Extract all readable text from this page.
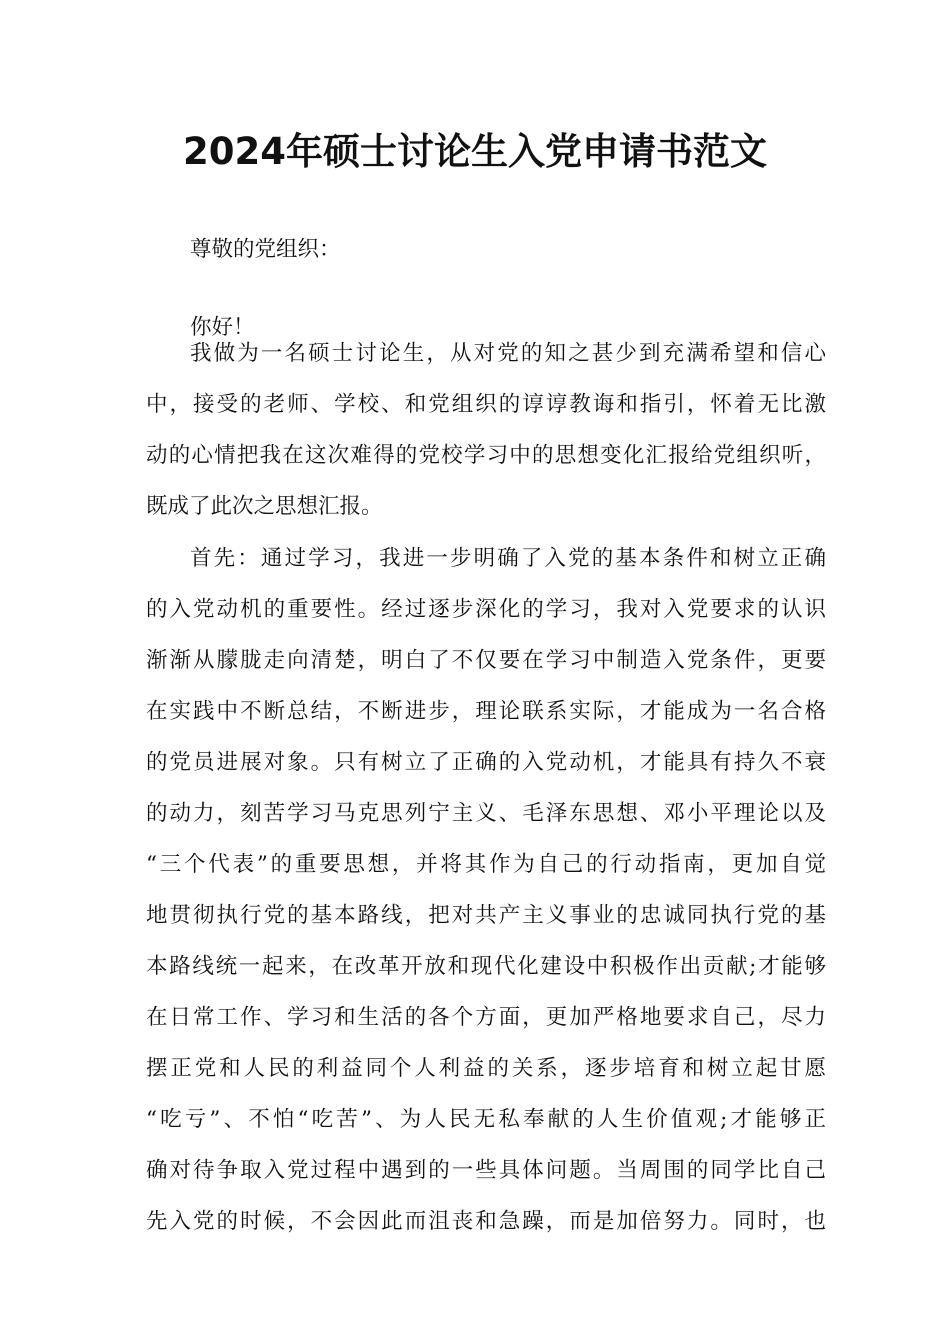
2024年硕士讨论生入党申请书范文

尊敬的党组织：

你好！

我做为一名硕士讨论生，从对党的知之甚少到充满希望和信心

中，接受的老师、学校、和党组织的谆谆教诲和指引，怀着无比激

动的心情把我在这次难得的党校学习中的思想变化汇报给党组织听，

既成了此次之思想汇报。

首先：通过学习，我进一步明确了入党的基本条件和树立正确

的入党动机的重要性。经过逐步深化的学习，我对入党要求的认识

渐渐从朦胧走向清楚，明白了不仅要在学习中制造入党条件，更要

在实践中不断总结，不断进步，理论联系实际，才能成为一名合格

的党员进展对象。只有树立了正确的入党动机，才能具有持久不衰

的动力，刻苦学习马克思列宁主义、毛泽东思想、邓小平理论以及

“三个代表”的重要思想，并将其作为自己的行动指南，更加自觉

地贯彻执行党的基本路线，把对共产主义事业的忠诚同执行党的基

本路线统一起来，在改革开放和现代化建设中积极作出贡献;才能够

在日常工作、学习和生活的各个方面，更加严格地要求自己，尽力

摆正党和人民的利益同个人利益的关系，逐步培育和树立起甘愿

“吃亏”、不怕“吃苦”、为人民无私奉献的人生价值观;才能够正

确对待争取入党过程中遇到的一些具体问题。当周围的同学比自己

先入党的时候，不会因此而沮丧和急躁，而是加倍努力。同时，也
